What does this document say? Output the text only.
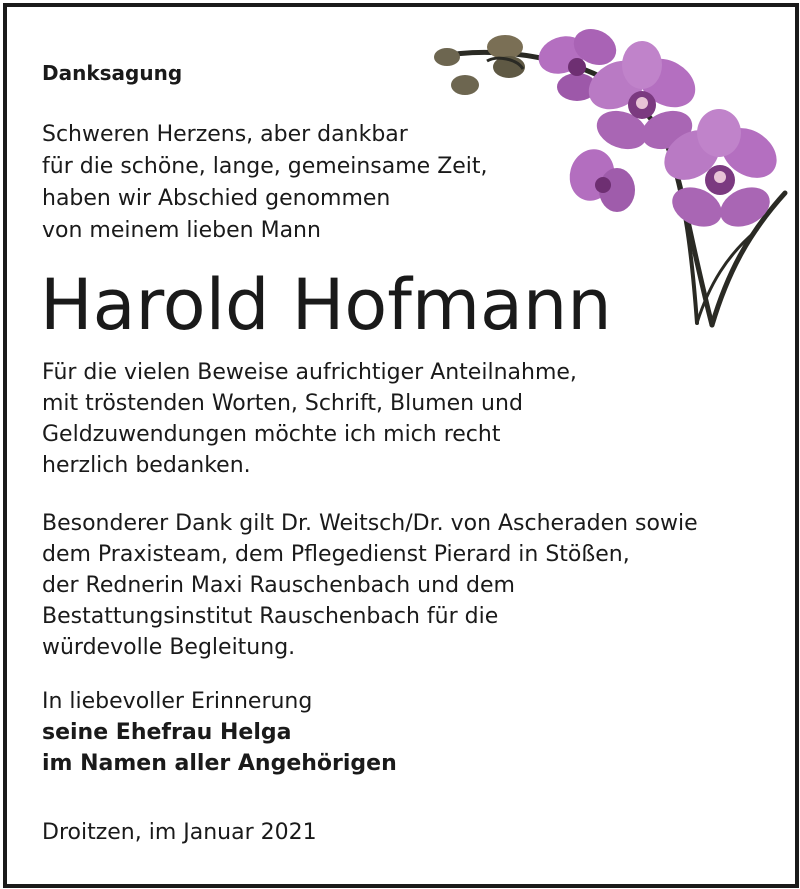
Danksagung
Schweren Herzens, aber dankbar
für die schöne, lange, gemeinsame Zeit,
haben wir Abschied genommen
von meinem lieben Mann
Harold Hofmann
Für die vielen Beweise aufrichtiger Anteilnahme,
mit tröstenden Worten, Schrift, Blumen und
Geldzuwendungen möchte ich mich recht
herzlich bedanken.
Besonderer Dank gilt Dr. Weitsch/Dr. von Ascheraden sowie
dem Praxisteam, dem Pflegedienst Pierard in Stößen,
der Rednerin Maxi Rauschenbach und dem
Bestattungsinstitut Rauschenbach für die
würdevolle Begleitung.
In liebevoller Erinnerung
seine Ehefrau Helga
im Namen aller Angehörigen
Droitzen, im Januar 2021
